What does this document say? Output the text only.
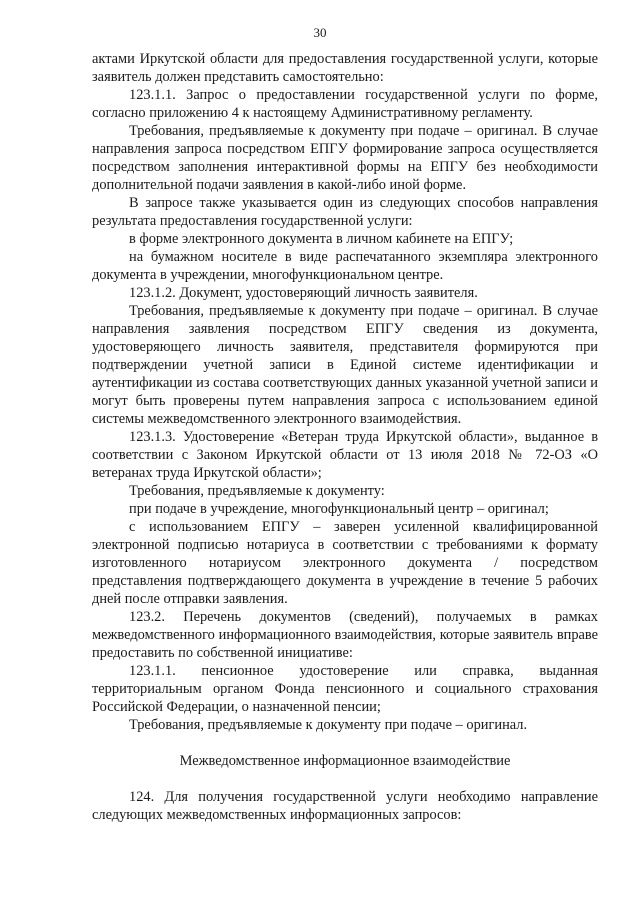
30

актами Иркутской области для предоставления государственной услуги, которые заявитель должен представить самостоятельно:

123.1.1. Запрос о предоставлении государственной услуги по форме, согласно приложению 4 к настоящему Административному регламенту.

Требования, предъявляемые к документу при подаче – оригинал. В случае направления запроса посредством ЕПГУ формирование запроса осуществляется посредством заполнения интерактивной формы на ЕПГУ без необходимости дополнительной подачи заявления в какой-либо иной форме.

В запросе также указывается один из следующих способов направления результата предоставления государственной услуги:

в форме электронного документа в личном кабинете на ЕПГУ;

на бумажном носителе в виде распечатанного экземпляра электронного документа в учреждении, многофункциональном центре.

123.1.2. Документ, удостоверяющий личность заявителя.

Требования, предъявляемые к документу при подаче – оригинал. В случае направления заявления посредством ЕПГУ сведения из документа, удостоверяющего личность заявителя, представителя формируются при подтверждении учетной записи в Единой системе идентификации и аутентификации из состава соответствующих данных указанной учетной записи и могут быть проверены путем направления запроса с использованием единой системы межведомственного электронного взаимодействия.

123.1.3. Удостоверение «Ветеран труда Иркутской области», выданное в соответствии с Законом Иркутской области от 13 июля 2018 № 72-ОЗ «О ветеранах труда Иркутской области»;

Требования, предъявляемые к документу:

при подаче в учреждение, многофункциональный центр – оригинал;

с использованием ЕПГУ – заверен усиленной квалифицированной электронной подписью нотариуса в соответствии с требованиями к формату изготовленного нотариусом электронного документа / посредством представления подтверждающего документа в учреждение в течение 5 рабочих дней после отправки заявления.

123.2. Перечень документов (сведений), получаемых в рамках межведомственного информационного взаимодействия, которые заявитель вправе предоставить по собственной инициативе:

123.1.1. пенсионное удостоверение или справка, выданная территориальным органом Фонда пенсионного и социального страхования Российской Федерации, о назначенной пенсии;

Требования, предъявляемые к документу при подаче – оригинал.

Межведомственное информационное взаимодействие

124. Для получения государственной услуги необходимо направление следующих межведомственных информационных запросов:
